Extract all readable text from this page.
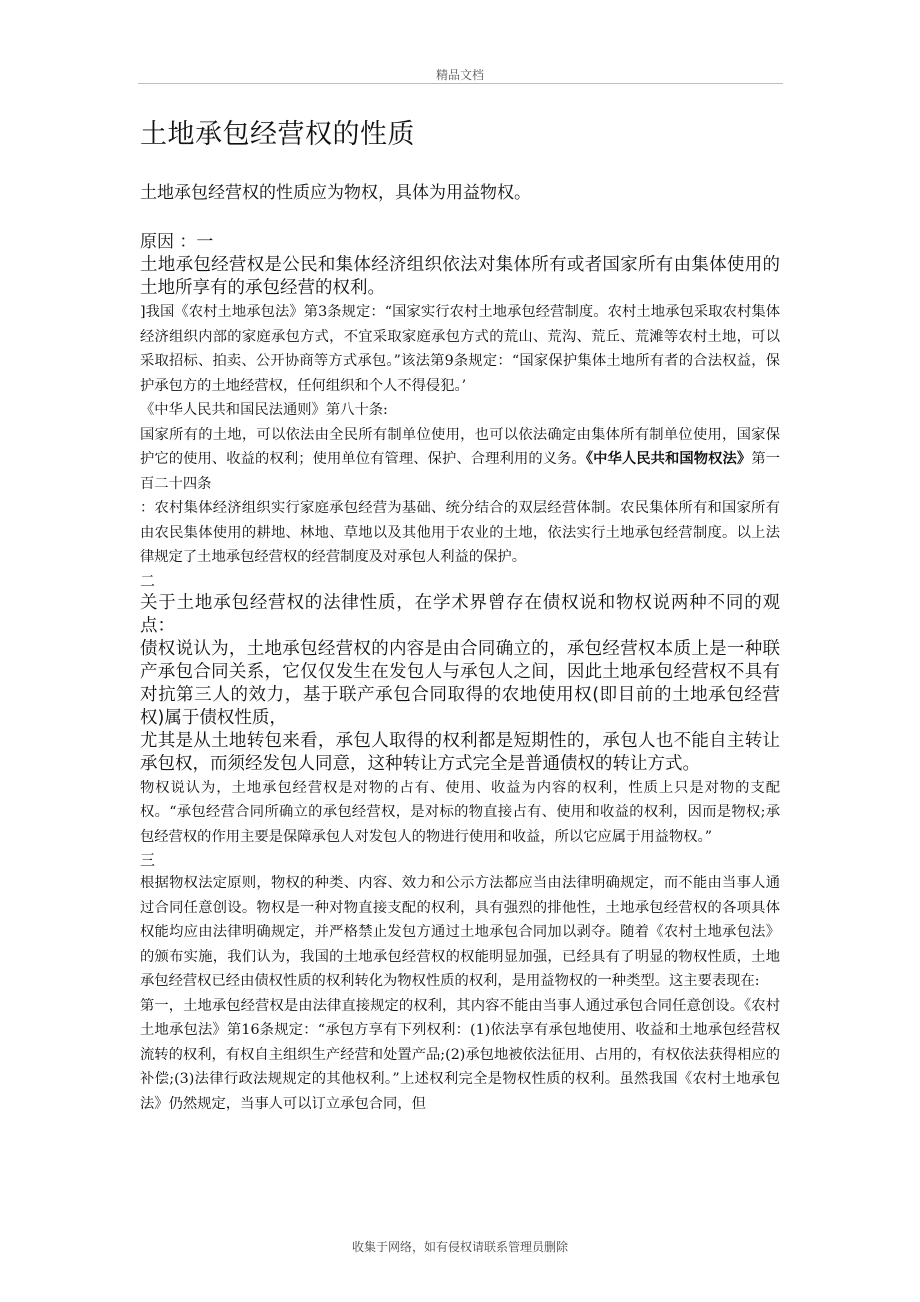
精品文档
土地承包经营权的性质
土地承包经营权的性质应为物权，具体为用益物权。
原因 ：一

土地承包经营权是公民和集体经济组织依法对集体所有或者国家所有由集体使用的土地所享有的承包经营的权利。

]我国《农村土地承包法》第3条规定：“国家实行农村土地承包经营制度。农村土地承包采取农村集体经济组织内部的家庭承包方式，不宜采取家庭承包方式的荒山、荒沟、荒丘、荒滩等农村土地，可以采取招标、拍卖、公开协商等方式承包。”该法第9条规定：“国家保护集体土地所有者的合法权益，保护承包方的土地经营权，任何组织和个人不得侵犯。’

《中华人民共和国民法通则》第八十条:

国家所有的土地，可以依法由全民所有制单位使用，也可以依法确定由集体所有制单位使用，国家保护它的使用、收益的权利；使用单位有管理、保护、合理利用的义务。《中华人民共和国物权法》第一百二十四条

：农村集体经济组织实行家庭承包经营为基础、统分结合的双层经营体制。农民集体所有和国家所有由农民集体使用的耕地、林地、草地以及其他用于农业的土地，依法实行土地承包经营制度。以上法律规定了土地承包经营权的经营制度及对承包人利益的保护。

二

关于土地承包经营权的法律性质，在学术界曾存在债权说和物权说两种不同的观点：

债权说认为，土地承包经营权的内容是由合同确立的，承包经营权本质上是一种联产承包合同关系，它仅仅发生在发包人与承包人之间，因此土地承包经营权不具有对抗第三人的效力，基于联产承包合同取得的农地使用权(即目前的土地承包经营权)属于债权性质，

尤其是从土地转包来看，承包人取得的权利都是短期性的，承包人也不能自主转让承包权，而须经发包人同意，这种转让方式完全是普通债权的转让方式。

物权说认为，土地承包经营权是对物的占有、使用、收益为内容的权利，性质上只是对物的支配权。“承包经营合同所确立的承包经营权，是对标的物直接占有、使用和收益的权利，因而是物权;承包经营权的作用主要是保障承包人对发包人的物进行使用和收益，所以它应属于用益物权。”

三

根据物权法定原则，物权的种类、内容、效力和公示方法都应当由法律明确规定，而不能由当事人通过合同任意创设。物权是一种对物直接支配的权利，具有强烈的排他性，土地承包经营权的各项具体权能均应由法律明确规定，并严格禁止发包方通过土地承包合同加以剥夺。随着《农村土地承包法》的颁布实施，我们认为，我国的土地承包经营权的权能明显加强，已经具有了明显的物权性质，土地承包经营权已经由债权性质的权利转化为物权性质的权利，是用益物权的一种类型。这主要表现在:

第一，土地承包经营权是由法律直接规定的权利，其内容不能由当事人通过承包合同任意创设。《农村土地承包法》第16条规定：“承包方享有下列权利：(1)依法享有承包地使用、收益和土地承包经营权流转的权利，有权自主组织生产经营和处置产品;(2)承包地被依法征用、占用的，有权依法获得相应的补偿;(3)法律行政法规规定的其他权利。”上述权利完全是物权性质的权利。虽然我国《农村土地承包法》仍然规定，当事人可以订立承包合同，但

收集于网络，如有侵权请联系管理员删除
